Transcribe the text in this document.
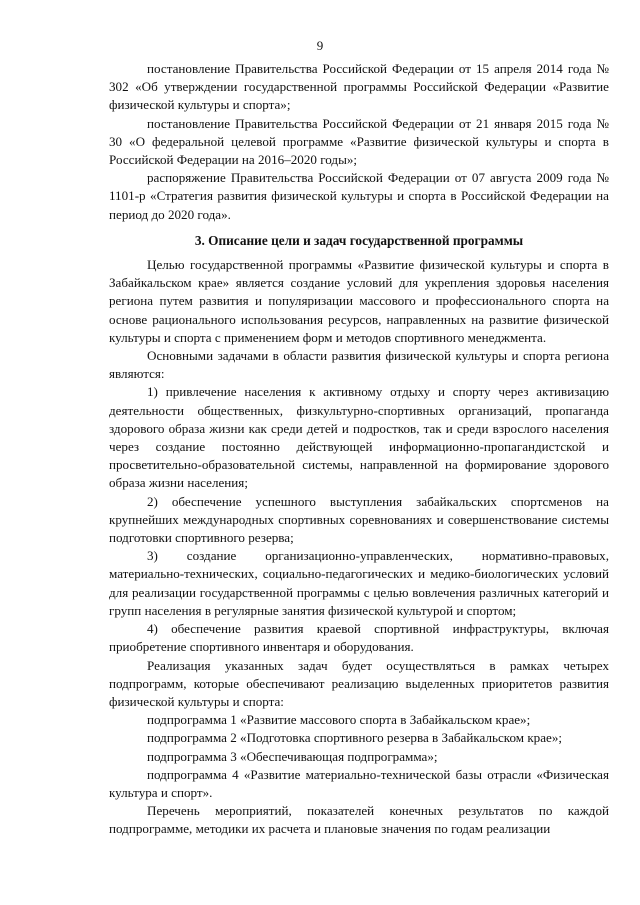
9

постановление Правительства Российской Федерации от 15 апреля 2014 года № 302 «Об утверждении государственной программы Российской Федерации «Развитие физической культуры и спорта»;

постановление Правительства Российской Федерации от 21 января 2015 года № 30 «О федеральной целевой программе «Развитие физической культуры и спорта в Российской Федерации на 2016–2020 годы»;

распоряжение Правительства Российской Федерации от 07 августа 2009 года № 1101-р «Стратегия развития физической культуры и спорта в Российской Федерации на период до 2020 года».

3. Описание цели и задач государственной программы

Целью государственной программы «Развитие физической культуры и спорта в Забайкальском крае» является создание условий для укрепления здоровья населения региона путем развития и популяризации массового и профессионального спорта на основе рационального использования ресурсов, направленных на развитие физической культуры и спорта с применением форм и методов спортивного менеджмента.

Основными задачами в области развития физической культуры и спорта региона являются:

1) привлечение населения к активному отдыху и спорту через активизацию деятельности общественных, физкультурно-спортивных организаций, пропаганда здорового образа жизни как среди детей и подростков, так и среди взрослого населения через создание постоянно действующей информационно-пропагандистской и просветительно-образовательной системы, направленной на формирование здорового образа жизни населения;

2) обеспечение успешного выступления забайкальских спортсменов на крупнейших международных спортивных соревнованиях и совершенствование системы подготовки спортивного резерва;

3) создание организационно-управленческих, нормативно-правовых, материально-технических, социально-педагогических и медико-биологических условий для реализации государственной программы с целью вовлечения различных категорий и групп населения в регулярные занятия физической культурой и спортом;

4) обеспечение развития краевой спортивной инфраструктуры, включая приобретение спортивного инвентаря и оборудования.

Реализация указанных задач будет осуществляться в рамках четырех подпрограмм, которые обеспечивают реализацию выделенных приоритетов развития физической культуры и спорта:

подпрограмма 1 «Развитие массового спорта в Забайкальском крае»;

подпрограмма 2 «Подготовка спортивного резерва в Забайкальском крае»;

подпрограмма 3 «Обеспечивающая подпрограмма»;

подпрограмма 4 «Развитие материально-технической базы отрасли «Физическая культура и спорт».

Перечень мероприятий, показателей конечных результатов по каждой подпрограмме, методики их расчета и плановые значения по годам реализации
